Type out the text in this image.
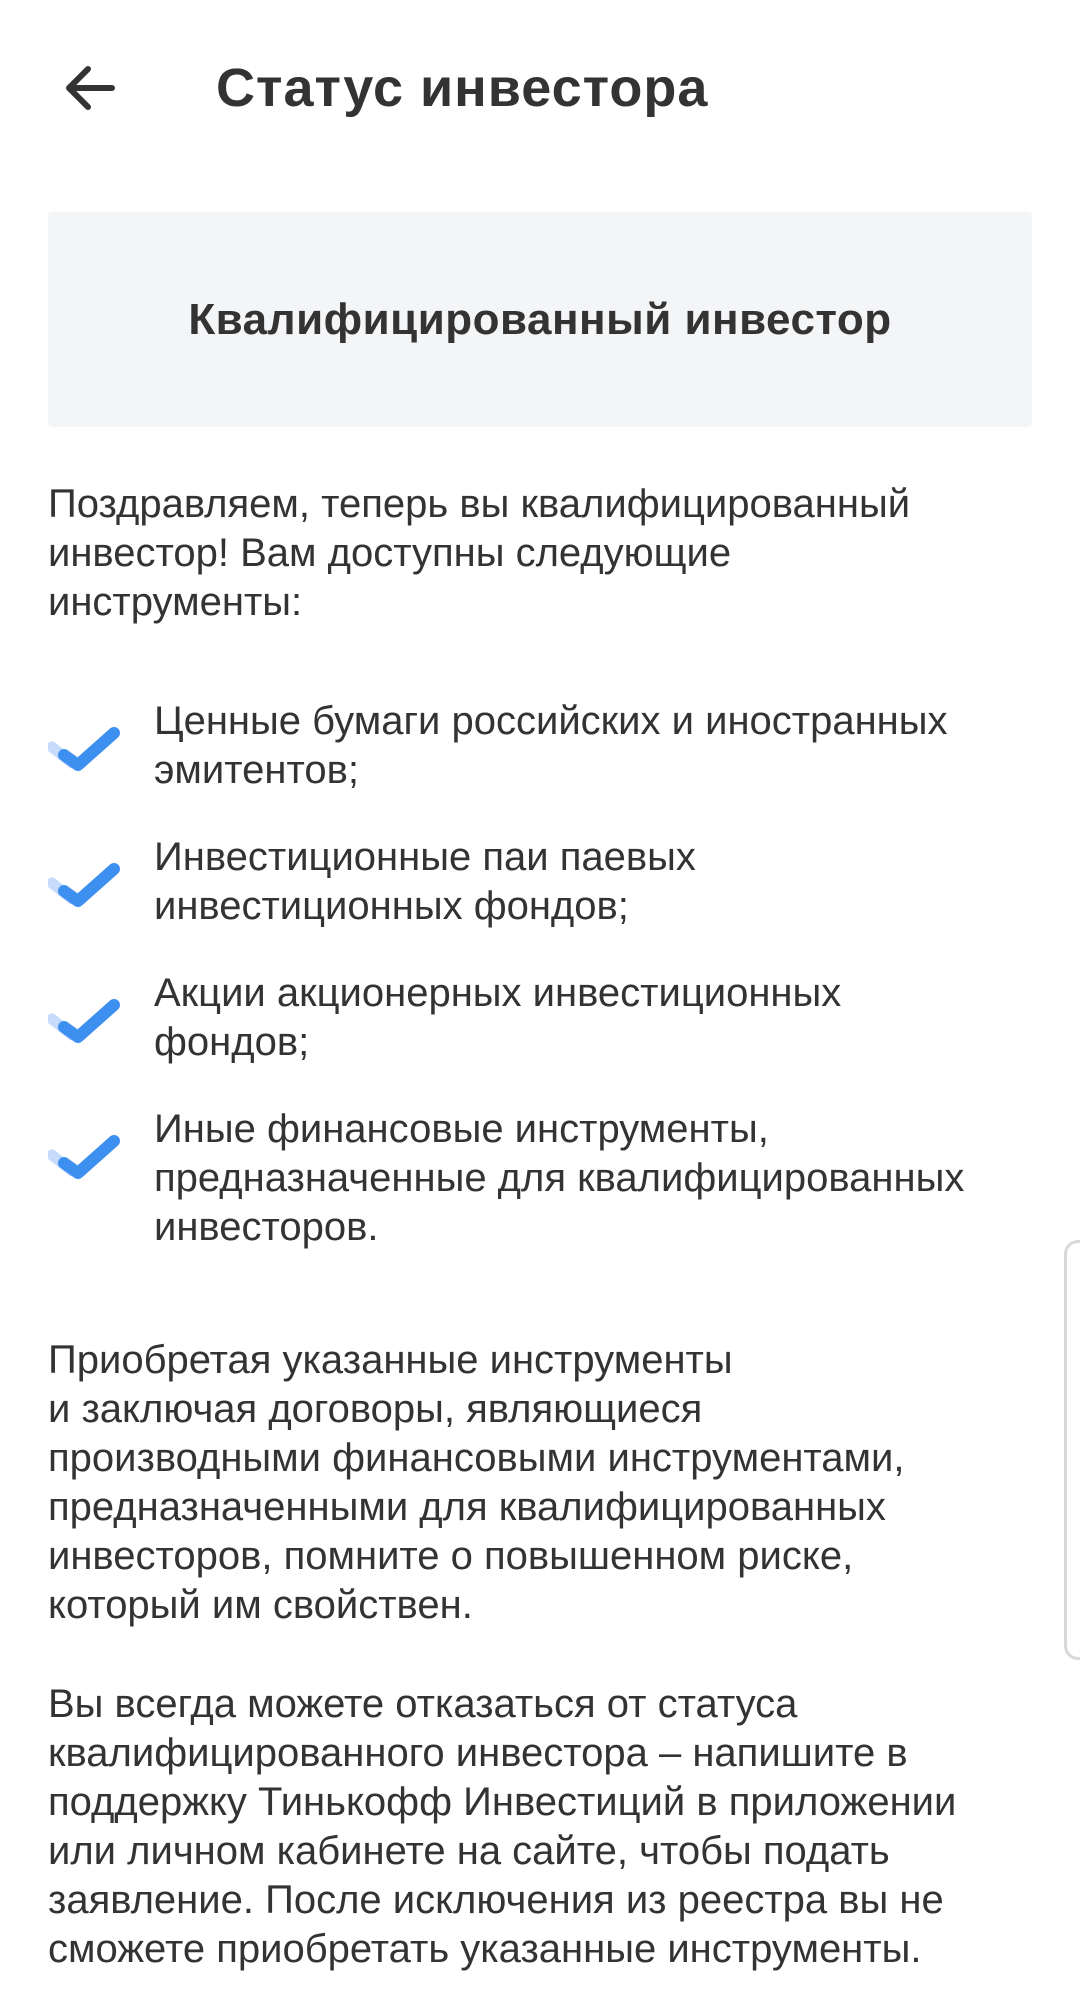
Статус инвестора
Квалифицированный инвестор
Поздравляем, теперь вы квалифицированный
инвестор! Вам доступны следующие
инструменты:
Ценные бумаги российских и иностранных
эмитентов;
Инвестиционные паи паевых
инвестиционных фондов;
Акции акционерных инвестиционных
фондов;
Иные финансовые инструменты,
предназначенные для квалифицированных
инвесторов.
Приобретая указанные инструменты
и заключая договоры, являющиеся
производными финансовыми инструментами,
предназначенными для квалифицированных
инвесторов, помните о повышенном риске,
который им свойствен.
Вы всегда можете отказаться от статуса
квалифицированного инвестора – напишите в
поддержку Тинькофф Инвестиций в приложении
или личном кабинете на сайте, чтобы подать
заявление. После исключения из реестра вы не
сможете приобретать указанные инструменты.
